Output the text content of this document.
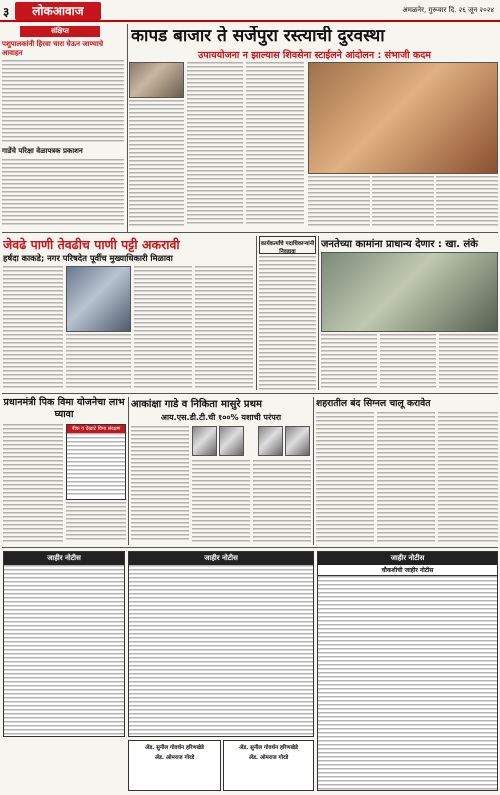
३	लोकआवाज	अमळनेर, गुरूवार दि. २६ जून २०२४
संक्षिप्त
पशुपालकांनी हिरवा चारा घेऊन जाण्याचे आवाहन
गाडेंचे परिक्षा वेळापत्रक प्रकाशन
कापड बाजार ते सर्जेपुरा रस्त्याची दुरवस्था
उपाययोजना न झाल्यास शिवसेना स्टाईलने आंदोलन : संभाजी कदम
जेवढे पाणी तेवढीच पाणी पट्टी अकरावी
हर्षदा काकडे; नगर परिषदेत पूर्वीच मुख्याधिकारी मिळावा
कार्यकर्त्यांचे पदाधिकाऱ्यांनी निवडावा
जनतेच्या कामांना प्राधान्य देणार : खा. लंके
प्रधानमंत्री पिक विमा योजनेचा लाभ घ्यावा
पीक व देखाटे विमा संरक्षण
आकांक्षा गाडे व निकिता मासुरे प्रथम
आय.एस.डी.टी.ची १००% यशाची परंपरा
शहरातील बंद सिग्नल चालू करावेत
जाहीर नोटीस	जाहीर नोटीस	जाहीर नोटीस
चौकशीची जाहीर नोटीस
ॲड. सुनील गोवर्धन हरिणखेडे
ॲड. ओमराज गोरडे
ॲड. सुनील गोवर्धन हरिणखेडे
ॲड. ओमराज गोरडे
